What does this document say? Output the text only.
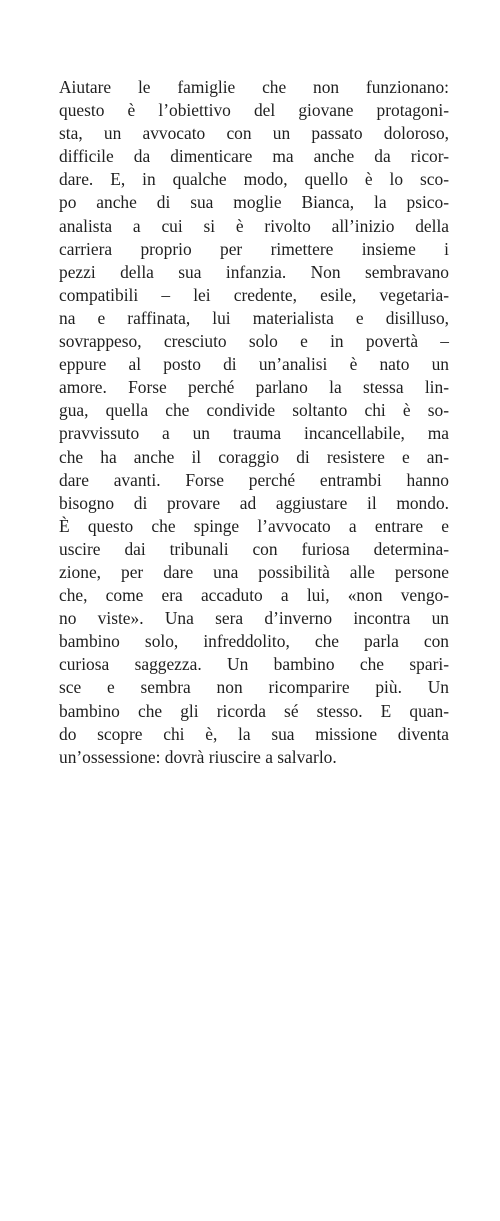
Aiutare le famiglie che non funzionano:
questo è l’obiettivo del giovane protagoni-
sta, un avvocato con un passato doloroso,
difficile da dimenticare ma anche da ricor-
dare. E, in qualche modo, quello è lo sco-
po anche di sua moglie Bianca, la psico-
analista a cui si è rivolto all’inizio della
carriera proprio per rimettere insieme i
pezzi della sua infanzia. Non sembravano
compatibili – lei credente, esile, vegetaria-
na e raffinata, lui materialista e disilluso,
sovrappeso, cresciuto solo e in povertà –
eppure al posto di un’analisi è nato un
amore. Forse perché parlano la stessa lin-
gua, quella che condivide soltanto chi è so-
pravvissuto a un trauma incancellabile, ma
che ha anche il coraggio di resistere e an-
dare avanti. Forse perché entrambi hanno
bisogno di provare ad aggiustare il mondo.
È questo che spinge l’avvocato a entrare e
uscire dai tribunali con furiosa determina-
zione, per dare una possibilità alle persone
che, come era accaduto a lui, «non vengo-
no viste». Una sera d’inverno incontra un
bambino solo, infreddolito, che parla con
curiosa saggezza. Un bambino che spari-
sce e sembra non ricomparire più. Un
bambino che gli ricorda sé stesso. E quan-
do scopre chi è, la sua missione diventa
un’ossessione: dovrà riuscire a salvarlo.
